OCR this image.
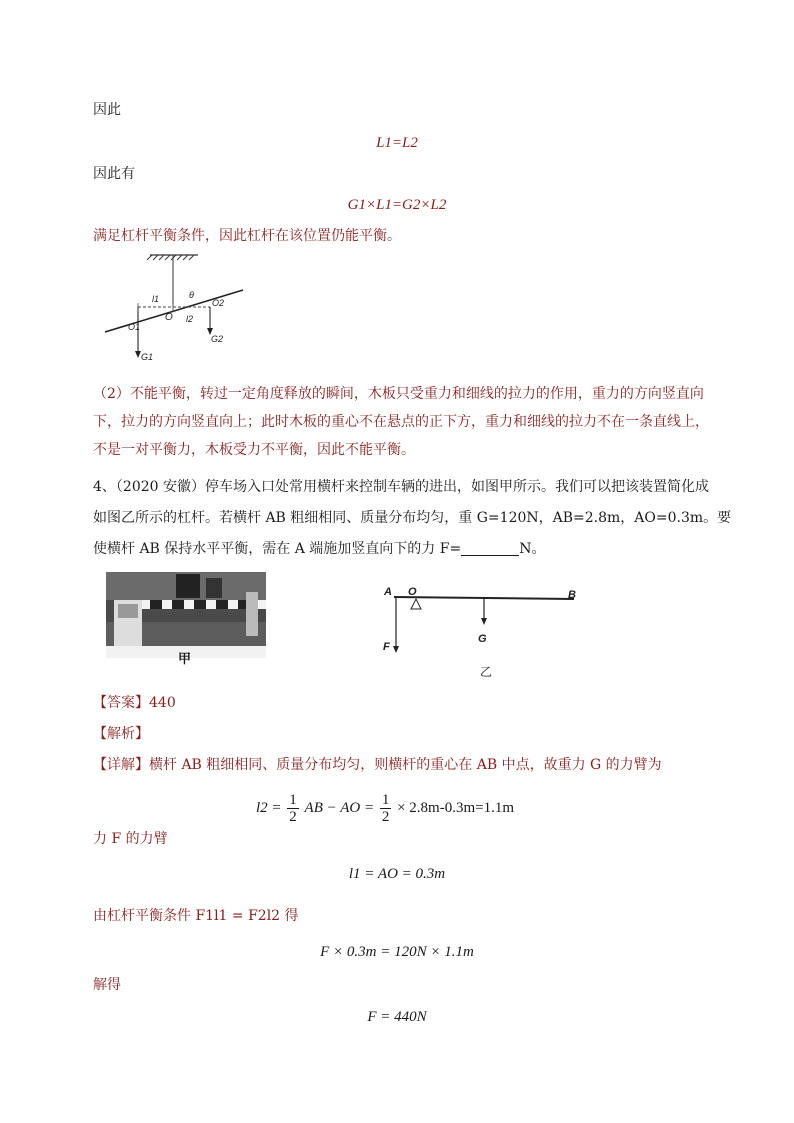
因此
L1=L2
因此有
G1×L1=G2×L2
满足杠杆平衡条件，因此杠杆在该位置仍能平衡。
l1
l2
θ
O
O1
O2
G1
G2
（2）不能平衡，转过一定角度释放的瞬间，木板只受重力和细线的拉力的作用，重力的方向竖直向
下，拉力的方向竖直向上；此时木板的重心不在悬点的正下方，重力和细线的拉力不在一条直线上，
不是一对平衡力，木板受力不平衡，因此不能平衡。
4、（2020 安徽）停车场入口处常用横杆来控制车辆的进出，如图甲所示。我们可以把该装置简化成
如图乙所示的杠杆。若横杆 AB 粗细相同、质量分布均匀，重 G=120N，AB=2.8m，AO=0.3m。要
使横杆 AB 保持水平平衡，需在 A 端施加竖直向下的力 F=	N。
甲
A O	B
F
G
乙
【答案】440
【解析】
【详解】横杆 AB 粗细相同、质量分布均匀，则横杆的重心在 AB 中点，故重力 G 的力臂为
$l2 = \frac{1}{2}$ AB − AO = $\frac{1}{2} \times 2.8m-0.3m=1.1m$
力 F 的力臂
l1 = AO = 0.3m
由杠杆平衡条件 F1l1 = F2l2 得
F × 0.3m = 120N × 1.1m
解得
F = 440N
